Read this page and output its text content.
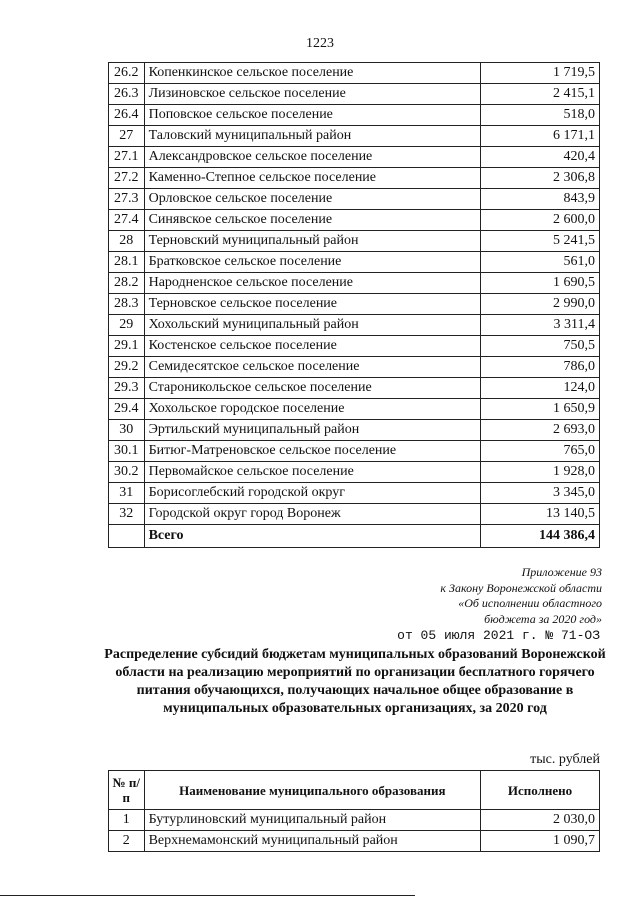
1223
26.2	Копенкинское сельское поселение	1 719,5
26.3	Лизиновское сельское поселение	2 415,1
26.4	Поповское сельское поселение	518,0
27	Таловский муниципальный район	6 171,1
27.1	Александровское сельское поселение	420,4
27.2	Каменно-Степное сельское поселение	2 306,8
27.3	Орловское сельское поселение	843,9
27.4	Синявское сельское поселение	2 600,0
28	Терновский муниципальный район	5 241,5
28.1	Братковское сельское поселение	561,0
28.2	Народненское сельское поселение	1 690,5
28.3	Терновское сельское поселение	2 990,0
29	Хохольский муниципальный район	3 311,4
29.1	Костенское сельское поселение	750,5
29.2	Семидесятское сельское поселение	786,0
29.3	Староникольское сельское поселение	124,0
29.4	Хохольское городское поселение	1 650,9
30	Эртильский муниципальный район	2 693,0
30.1	Битюг-Матреновское сельское поселение	765,0
30.2	Первомайское сельское поселение	1 928,0
31	Борисоглебский городской округ	3 345,0
32	Городской округ город Воронеж	13 140,5
	Всего	144 386,4
Приложение 93
к Закону Воронежской области
«Об исполнении областного
бюджета за 2020 год»
от 05 июля 2021 г. № 71-ОЗ
Распределение субсидий бюджетам муниципальных образований Воронежской области на реализацию мероприятий по организации бесплатного горячего питания обучающихся, получающих начальное общее образование в муниципальных образовательных организациях, за 2020 год
тыс. рублей
№ п/п	Наименование муниципального образования	Исполнено
1	Бутурлиновский муниципальный район	2 030,0
2	Верхнемамонский муниципальный район	1 090,7
